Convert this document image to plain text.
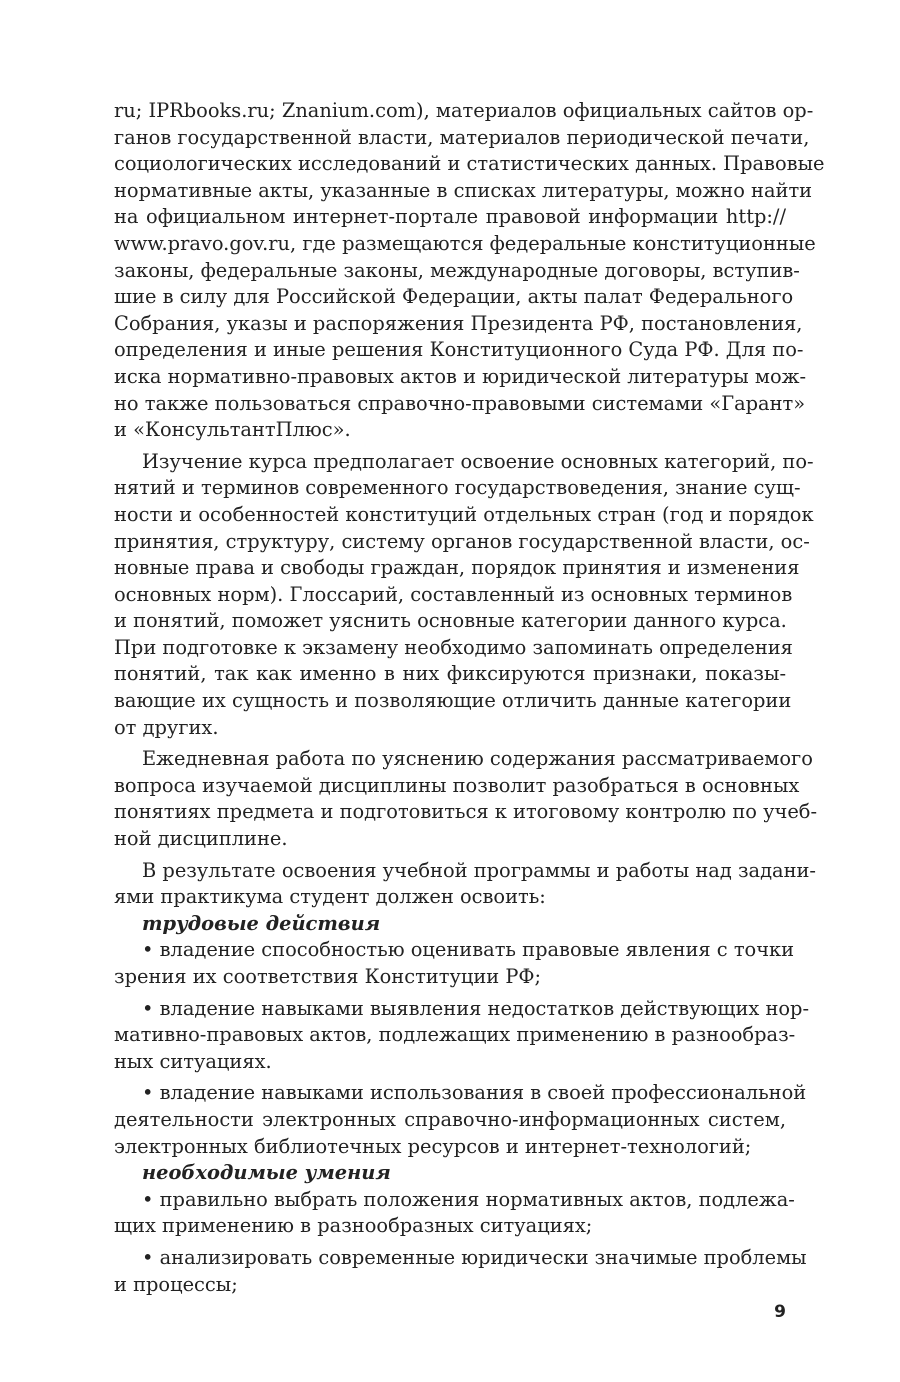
ru; IPRbooks.ru; Znanium.com), материалов официальных сайтов ор-
ганов государственной власти, материалов периодической печати,
социологических исследований и статистических данных. Правовые
нормативные акты, указанные в списках литературы, можно найти
на официальном интернет-портале правовой информации http://
www.pravo.gov.ru, где размещаются федеральные конституционные
законы, федеральные законы, международные договоры, вступив-
шие в силу для Российской Федерации, акты палат Федерального
Собрания, указы и распоряжения Президента РФ, постановления,
определения и иные решения Конституционного Суда РФ. Для по-
иска нормативно-правовых актов и юридической литературы мож-
но также пользоваться справочно-правовыми системами «Гарант»
и «КонсультантПлюс».
Изучение курса предполагает освоение основных категорий, по-
нятий и терминов современного государствоведения, знание сущ-
ности и особенностей конституций отдельных стран (год и порядок
принятия, структуру, систему органов государственной власти, ос-
новные права и свободы граждан, порядок принятия и изменения
основных норм). Глоссарий, составленный из основных терминов
и понятий, поможет уяснить основные категории данного курса.
При подготовке к экзамену необходимо запоминать определения
понятий, так как именно в них фиксируются признаки, показы-
вающие их сущность и позволяющие отличить данные категории
от других.
Ежедневная работа по уяснению содержания рассматриваемого
вопроса изучаемой дисциплины позволит разобраться в основных
понятиях предмета и подготовиться к итоговому контролю по учеб-
ной дисциплине.
В результате освоения учебной программы и работы над задани-
ями практикума студент должен освоить:
трудовые действия
• владение способностью оценивать правовые явления с точки
зрения их соответствия Конституции РФ;
• владение навыками выявления недостатков действующих нор-
мативно-правовых актов, подлежащих применению в разнообраз-
ных ситуациях.
• владение навыками использования в своей профессиональной
деятельности электронных справочно-информационных систем,
электронных библиотечных ресурсов и интернет-технологий;
необходимые умения
• правильно выбрать положения нормативных актов, подлежа-
щих применению в разнообразных ситуациях;
• анализировать современные юридически значимые проблемы
и процессы;
9
